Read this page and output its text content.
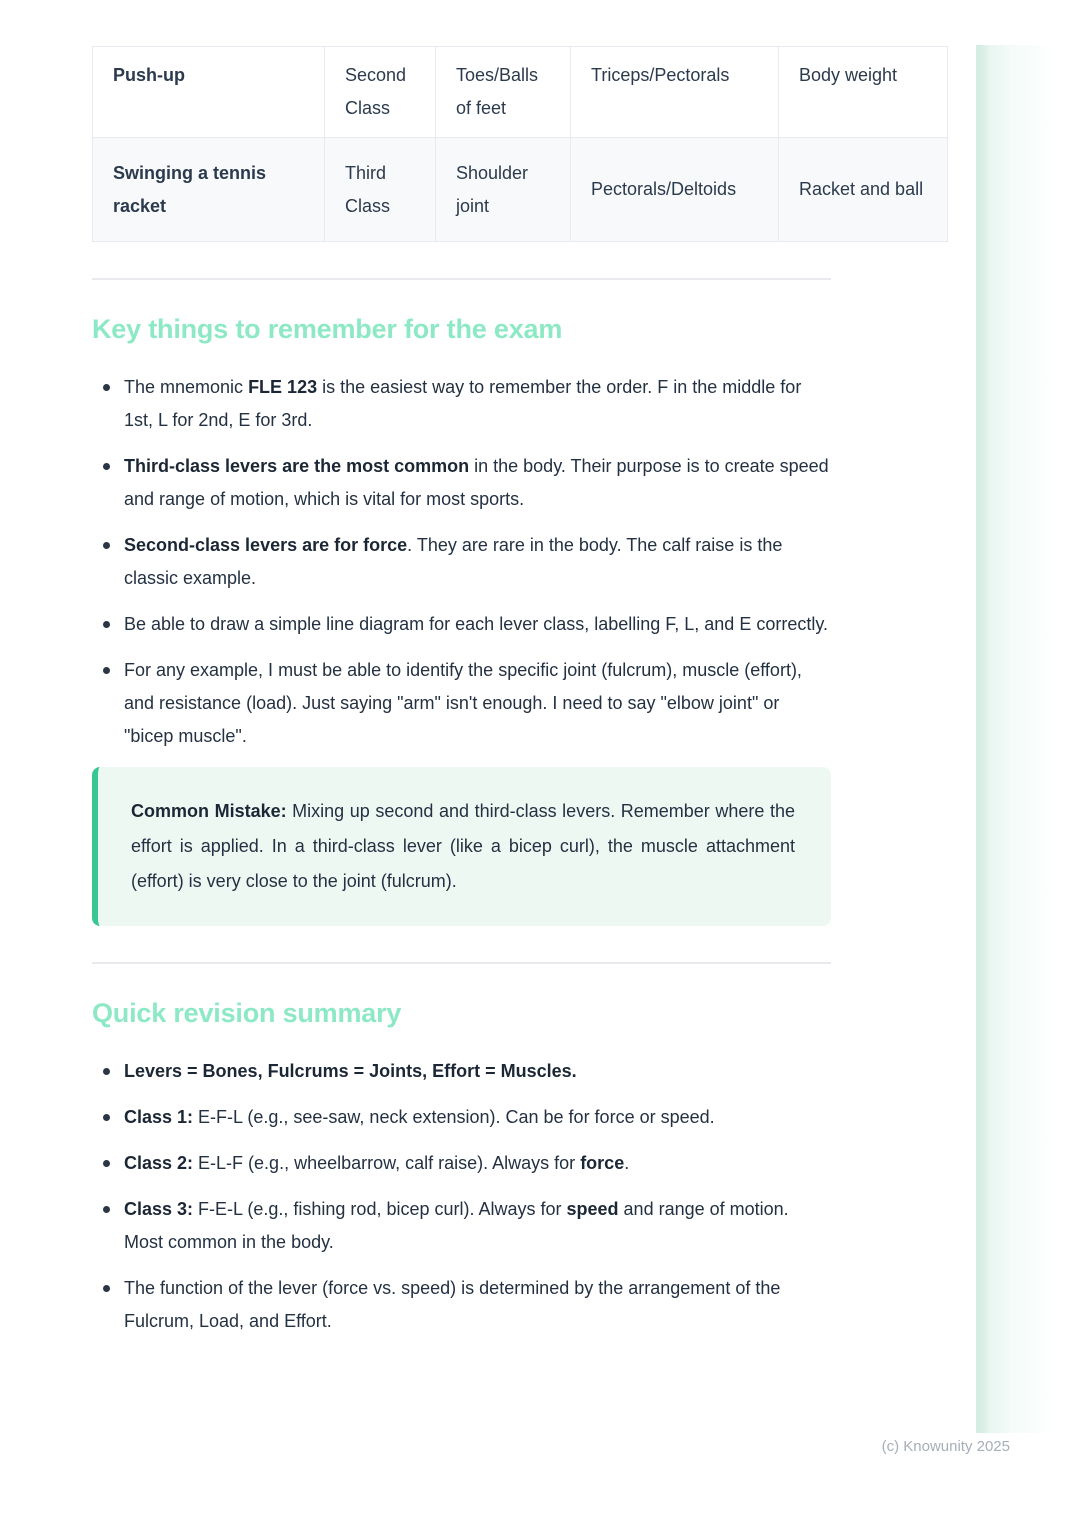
Push-up	Second Class	Toes/Balls of feet	Triceps/Pectorals	Body weight
Swinging a tennis racket	Third Class	Shoulder joint	Pectorals/Deltoids	Racket and ball
Key things to remember for the exam
The mnemonic FLE 123 is the easiest way to remember the order. F in the middle for 1st, L for 2nd, E for 3rd.
Third-class levers are the most common in the body. Their purpose is to create speed and range of motion, which is vital for most sports.
Second-class levers are for force. They are rare in the body. The calf raise is the classic example.
Be able to draw a simple line diagram for each lever class, labelling F, L, and E correctly.
For any example, I must be able to identify the specific joint (fulcrum), muscle (effort), and resistance (load). Just saying "arm" isn't enough. I need to say "elbow joint" or "bicep muscle".
Common Mistake: Mixing up second and third-class levers. Remember where the effort is applied. In a third-class lever (like a bicep curl), the muscle attachment (effort) is very close to the joint (fulcrum).
Quick revision summary
Levers = Bones, Fulcrums = Joints, Effort = Muscles.
Class 1: E-F-L (e.g., see-saw, neck extension). Can be for force or speed.
Class 2: E-L-F (e.g., wheelbarrow, calf raise). Always for force.
Class 3: F-E-L (e.g., fishing rod, bicep curl). Always for speed and range of motion. Most common in the body.
The function of the lever (force vs. speed) is determined by the arrangement of the Fulcrum, Load, and Effort.
(c) Knowunity 2025
